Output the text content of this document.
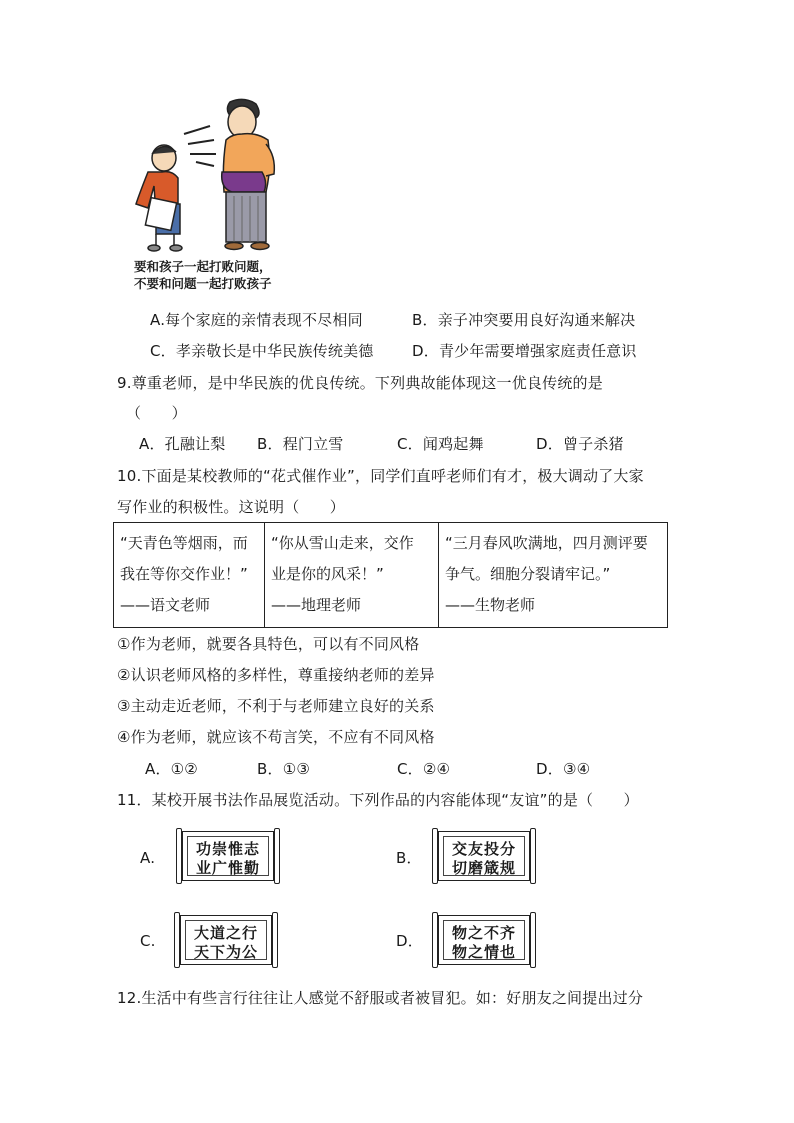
要和孩子一起打败问题，
不要和问题一起打败孩子
A.每个家庭的亲情表现不尽相同	B．亲子冲突要用良好沟通来解决
C．孝亲敬长是中华民族传统美德	D．青少年需要增强家庭责任意识
9.尊重老师，是中华民族的优良传统。下列典故能体现这一优良传统的是
（　　）
A．孔融让梨 B．程门立雪	C．闻鸡起舞	D．曾子杀猪
10.下面是某校教师的“花式催作业”，同学们直呼老师们有才，极大调动了大家
写作业的积极性。这说明（　　）
“天青色等烟雨，而
我在等你交作业！”
——语文老师

“你从雪山走来，交作
业是你的风采！”
——地理老师

“三月春风吹满地，四月测评要
争气。细胞分裂请牢记。”
——生物老师
①作为老师，就要各具特色，可以有不同风格
②认识老师风格的多样性，尊重接纳老师的差异
③主动走近老师，不利于与老师建立良好的关系
④作为老师，就应该不苟言笑，不应有不同风格
A．①②	B．①③	C．②④	D．③④
11．某校开展书法作品展览活动。下列作品的内容能体现“友谊”的是（　　）
A.	功崇惟志
业广惟勤
B．	交友投分
切磨箴规
C.	大道之行
天下为公
D．	物之不齐
物之情也
12.生活中有些言行往往让人感觉不舒服或者被冒犯。如：好朋友之间提出过分
